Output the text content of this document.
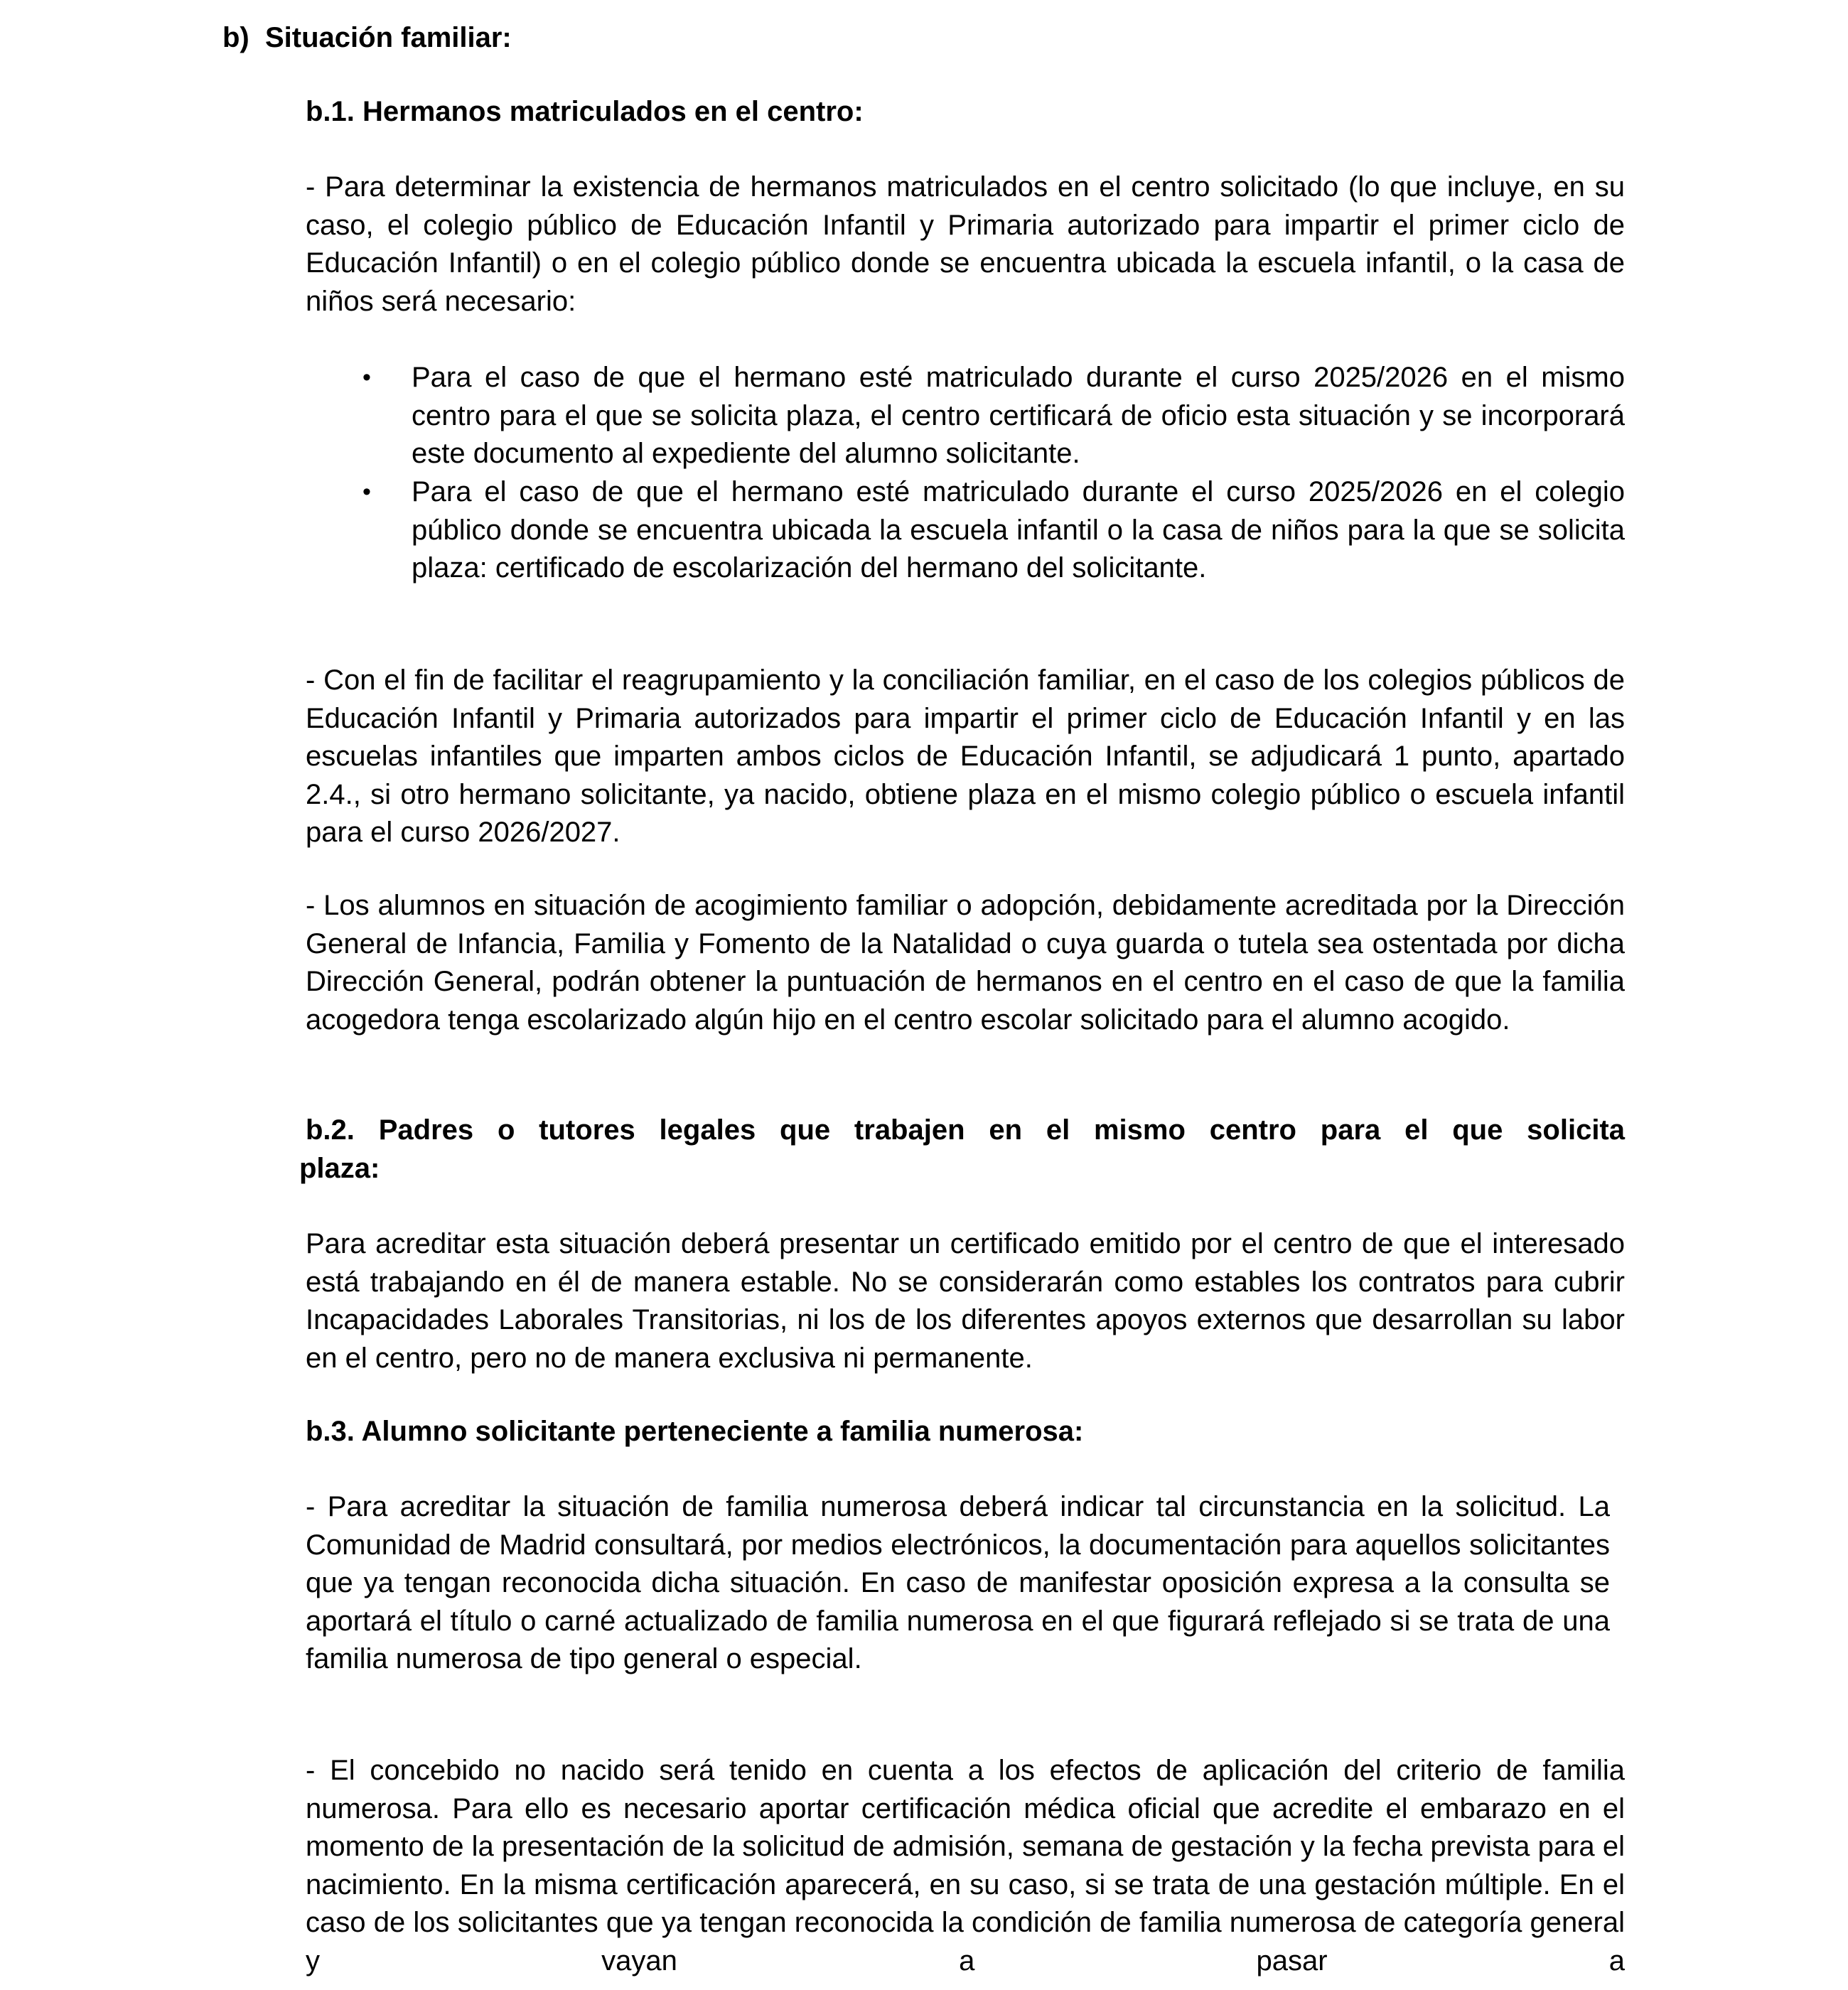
b) Situación familiar:

b.1. Hermanos matriculados en el centro:

- Para determinar la existencia de hermanos matriculados en el centro solicitado (lo que incluye, en su caso, el colegio público de Educación Infantil y Primaria autorizado para impartir el primer ciclo de Educación Infantil) o en el colegio público donde se encuentra ubicada la escuela infantil, o la casa de niños será necesario:

• Para el caso de que el hermano esté matriculado durante el curso 2025/2026 en el mismo centro para el que se solicita plaza, el centro certificará de oficio esta situación y se incorporará este documento al expediente del alumno solicitante.

• Para el caso de que el hermano esté matriculado durante el curso 2025/2026 en el colegio público donde se encuentra ubicada la escuela infantil o la casa de niños para la que se solicita plaza: certificado de escolarización del hermano del solicitante.

- Con el fin de facilitar el reagrupamiento y la conciliación familiar, en el caso de los colegios públicos de Educación Infantil y Primaria autorizados para impartir el primer ciclo de Educación Infantil y en las escuelas infantiles que imparten ambos ciclos de Educación Infantil, se adjudicará 1 punto, apartado 2.4., si otro hermano solicitante, ya nacido, obtiene plaza en el mismo colegio público o escuela infantil para el curso 2026/2027.

- Los alumnos en situación de acogimiento familiar o adopción, debidamente acreditada por la Dirección General de Infancia, Familia y Fomento de la Natalidad o cuya guarda o tutela sea ostentada por dicha Dirección General, podrán obtener la puntuación de hermanos en el centro en el caso de que la familia acogedora tenga escolarizado algún hijo en el centro escolar solicitado para el alumno acogido.

b.2. Padres o tutores legales que trabajen en el mismo centro para el que solicita

plaza:

Para acreditar esta situación deberá presentar un certificado emitido por el centro de que el interesado está trabajando en él de manera estable. No se considerarán como estables los contratos para cubrir Incapacidades Laborales Transitorias, ni los de los diferentes apoyos externos que desarrollan su labor en el centro, pero no de manera exclusiva ni permanente.

b.3. Alumno solicitante perteneciente a familia numerosa:

- Para acreditar la situación de familia numerosa deberá indicar tal circunstancia en la solicitud. La Comunidad de Madrid consultará, por medios electrónicos, la documentación para aquellos solicitantes que ya tengan reconocida dicha situación. En caso de manifestar oposición expresa a la consulta se aportará el título o carné actualizado de familia numerosa en el que figurará reflejado si se trata de una familia numerosa de tipo general o especial.

- El concebido no nacido será tenido en cuenta a los efectos de aplicación del criterio de familia numerosa. Para ello es necesario aportar certificación médica oficial que acredite el embarazo en el momento de la presentación de la solicitud de admisión, semana de gestación y la fecha prevista para el nacimiento. En la misma certificación aparecerá, en su caso, si se trata de una gestación múltiple. En el caso de los solicitantes que ya tengan reconocida la condición de familia numerosa de categoría general y vayan a pasar a
